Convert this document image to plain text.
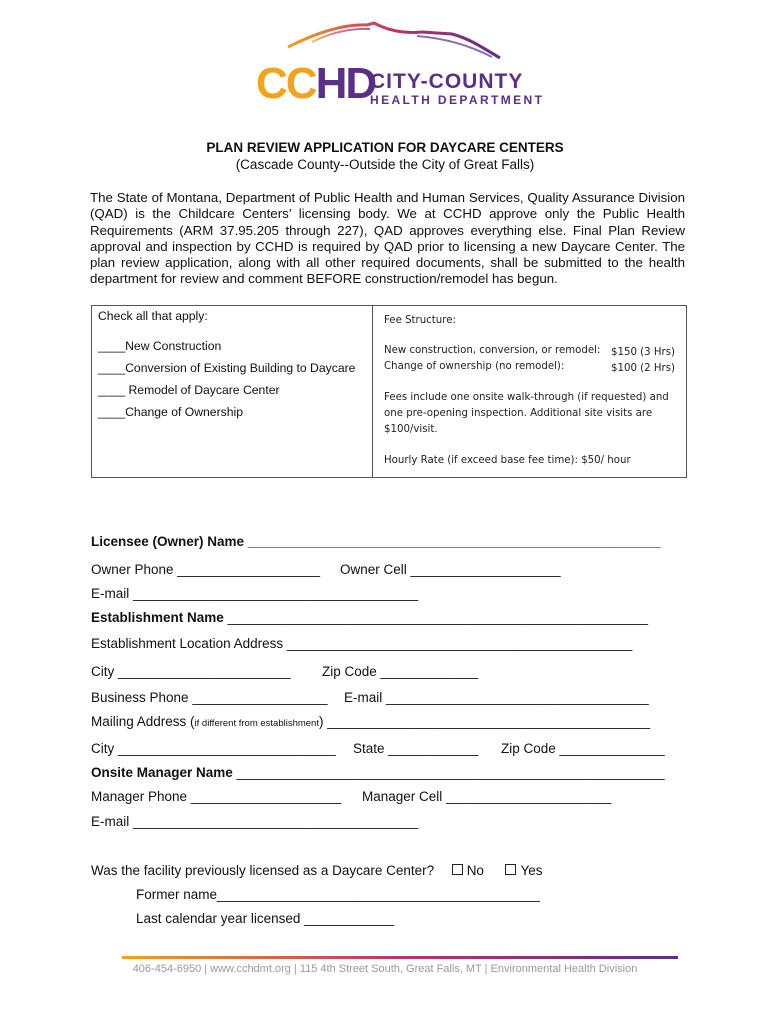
CCHD
CITY-COUNTY
HEALTH DEPARTMENT
PLAN REVIEW APPLICATION FOR DAYCARE CENTERS
(Cascade County--Outside the City of Great Falls)
The State of Montana, Department of Public Health and Human Services, Quality Assurance Division (QAD) is the Childcare Centers’ licensing body. We at CCHD approve only the Public Health Requirements (ARM 37.95.205 through 227), QAD approves everything else. Final Plan Review approval and inspection by CCHD is required by QAD prior to licensing a new Daycare Center. The plan review application, along with all other required documents, shall be submitted to the health department for review and comment BEFORE construction/remodel has begun.
Check all that apply:
____New Construction
____Conversion of Existing Building to Daycare
____ Remodel of Daycare Center
____Change of Ownership
Fee Structure:
New construction, conversion, or remodel: $150 (3 Hrs)
Change of ownership (no remodel):	$100 (2 Hrs)
Fees include one onsite walk-through (if requested) and
one pre-opening inspection. Additional site visits are
$100/visit.
Hourly Rate (if exceed base fee time): $50/ hour
Licensee (Owner) Name _______________________________________________________
Owner Phone ___________________ Owner Cell ____________________
E-mail ______________________________________
Establishment Name ________________________________________________________
Establishment Location Address ______________________________________________
City _______________________ Zip Code _____________
Business Phone __________________ E-mail ___________________________________
Mailing Address (if different from establishment) ___________________________________________
City _____________________________ State ____________ Zip Code ______________
Onsite Manager Name _________________________________________________________
Manager Phone ____________________ Manager Cell ______________________
E-mail ______________________________________
Was the facility previously licensed as a Daycare Center? No	Yes
Former name___________________________________________
Last calendar year licensed ____________
406-454-6950 | www.cchdmt.org | 115 4th Street South, Great Falls, MT | Environmental Health Division
